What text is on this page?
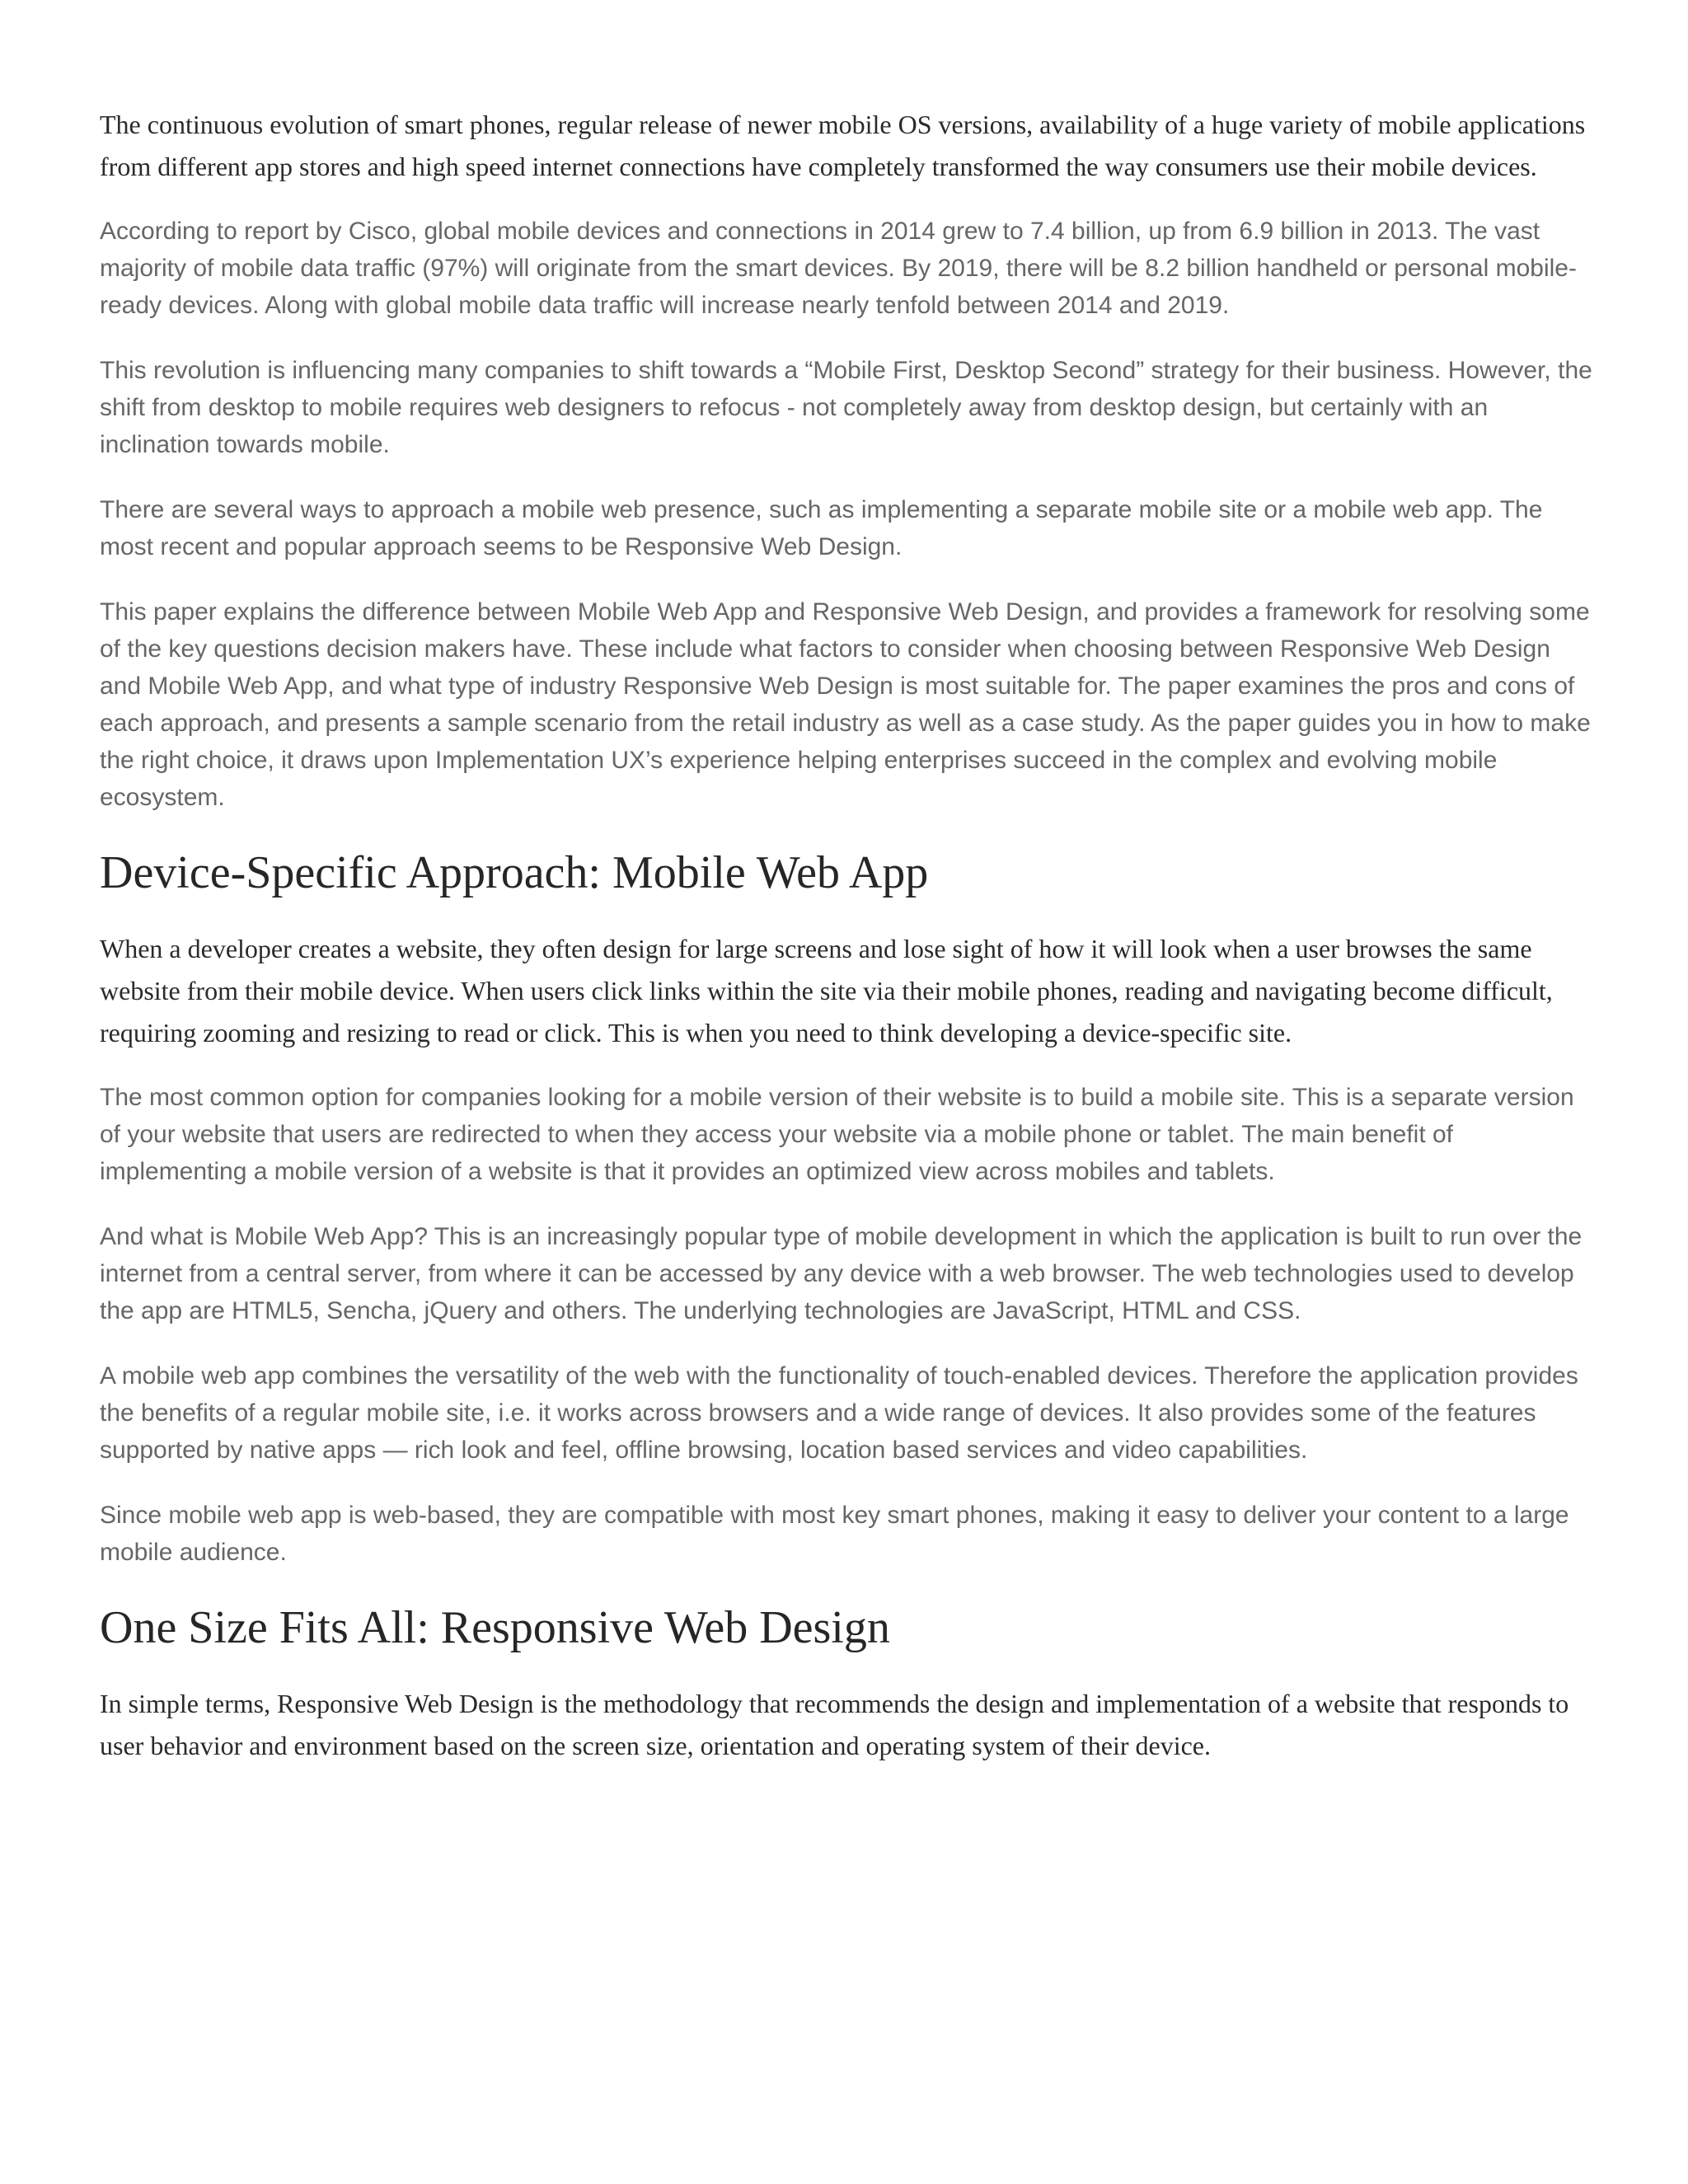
The continuous evolution of smart phones, regular release of newer mobile OS versions, availability of a huge variety of mobile applications from different app stores and high speed internet connections have completely transformed the way consumers use their mobile devices.

According to report by Cisco, global mobile devices and connections in 2014 grew to 7.4 billion, up from 6.9 billion in 2013. The vast majority of mobile data traffic (97%) will originate from the smart devices. By 2019, there will be 8.2 billion handheld or personal mobile-ready devices. Along with global mobile data traffic will increase nearly tenfold between 2014 and 2019.

This revolution is influencing many companies to shift towards a “Mobile First, Desktop Second” strategy for their business. However, the shift from desktop to mobile requires web designers to refocus - not completely away from desktop design, but certainly with an inclination towards mobile.

There are several ways to approach a mobile web presence, such as implementing a separate mobile site or a mobile web app. The most recent and popular approach seems to be Responsive Web Design.

This paper explains the difference between Mobile Web App and Responsive Web Design, and provides a framework for resolving some of the key questions decision makers have. These include what factors to consider when choosing between Responsive Web Design and Mobile Web App, and what type of industry Responsive Web Design is most suitable for. The paper examines the pros and cons of each approach, and presents a sample scenario from the retail industry as well as a case study. As the paper guides you in how to make the right choice, it draws upon Implementation UX’s experience helping enterprises succeed in the complex and evolving mobile ecosystem.

Device-Specific Approach: Mobile Web App

When a developer creates a website, they often design for large screens and lose sight of how it will look when a user browses the same website from their mobile device. When users click links within the site via their mobile phones, reading and navigating become difficult, requiring zooming and resizing to read or click. This is when you need to think developing a device-specific site.

The most common option for companies looking for a mobile version of their website is to build a mobile site. This is a separate version of your website that users are redirected to when they access your website via a mobile phone or tablet. The main benefit of implementing a mobile version of a website is that it provides an optimized view across mobiles and tablets.

And what is Mobile Web App? This is an increasingly popular type of mobile development in which the application is built to run over the internet from a central server, from where it can be accessed by any device with a web browser. The web technologies used to develop the app are HTML5, Sencha, jQuery and others. The underlying technologies are JavaScript, HTML and CSS.

A mobile web app combines the versatility of the web with the functionality of touch-enabled devices. Therefore the application provides the benefits of a regular mobile site, i.e. it works across browsers and a wide range of devices. It also provides some of the features supported by native apps — rich look and feel, offline browsing, location based services and video capabilities.

Since mobile web app is web-based, they are compatible with most key smart phones, making it easy to deliver your content to a large mobile audience.

One Size Fits All: Responsive Web Design

In simple terms, Responsive Web Design is the methodology that recommends the design and implementation of a website that responds to user behavior and environment based on the screen size, orientation and operating system of their device.
